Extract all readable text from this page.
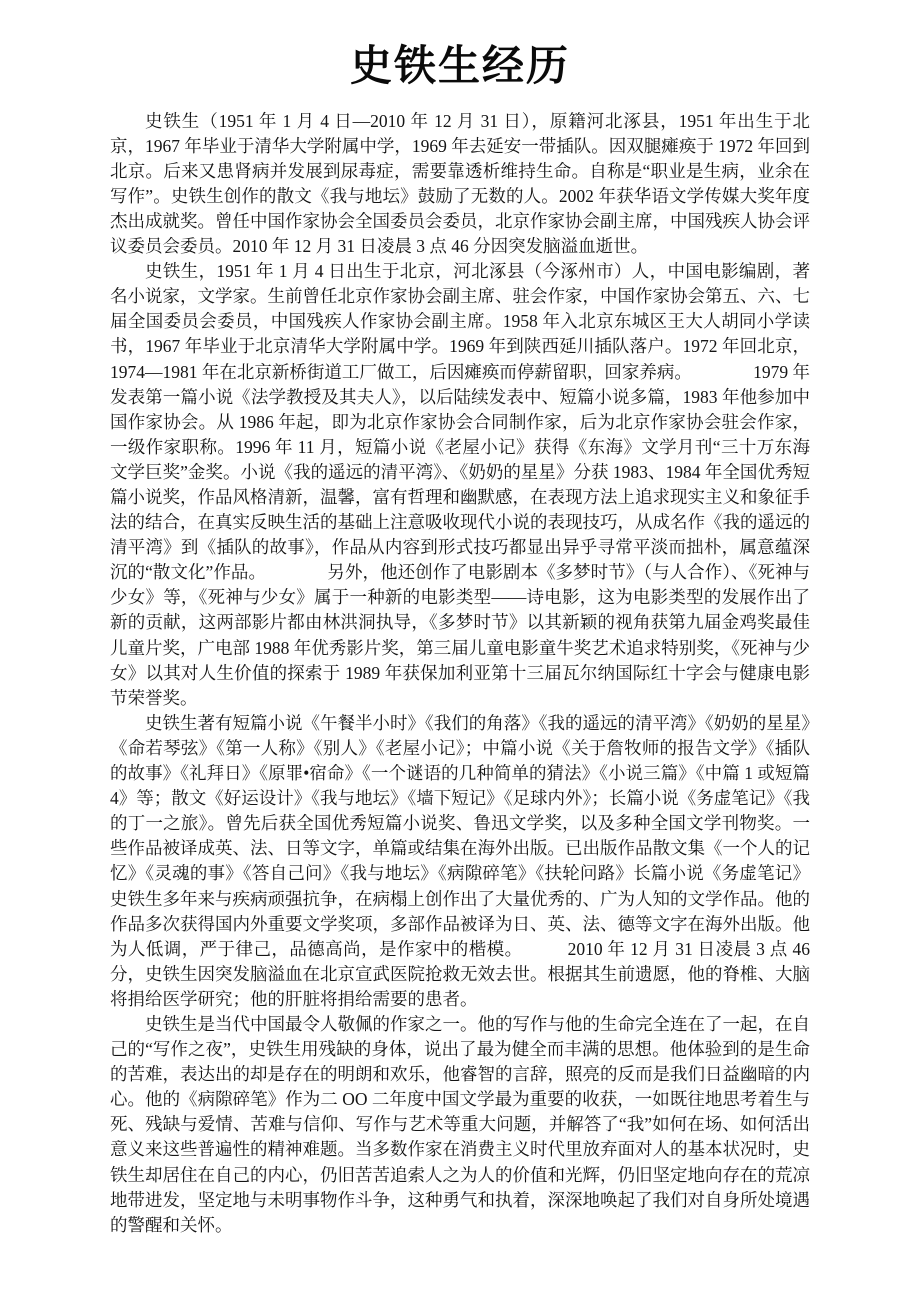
史铁生经历

史铁生（1951 年 1 月 4 日—2010 年 12 月 31 日），原籍河北涿县，1951 年出生于北京，1967 年毕业于清华大学附属中学，1969 年去延安一带插队。因双腿瘫痪于 1972 年回到北京。后来又患肾病并发展到尿毒症，需要靠透析维持生命。自称是“职业是生病，业余在写作”。史铁生创作的散文《我与地坛》鼓励了无数的人。2002 年获华语文学传媒大奖年度杰出成就奖。曾任中国作家协会全国委员会委员，北京作家协会副主席，中国残疾人协会评议委员会委员。2010 年 12 月 31 日凌晨 3 点 46 分因突发脑溢血逝世。

史铁生，1951 年 1 月 4 日出生于北京，河北涿县（今涿州市）人，中国电影编剧，著名小说家，文学家。生前曾任北京作家协会副主席、驻会作家，中国作家协会第五、六、七届全国委员会委员，中国残疾人作家协会副主席。1958 年入北京东城区王大人胡同小学读书，1967 年毕业于北京清华大学附属中学。1969 年到陕西延川插队落户。1972 年回北京，1974—1981 年在北京新桥街道工厂做工，后因瘫痪而停薪留职，回家养病。　　　　1979 年发表第一篇小说《法学教授及其夫人》，以后陆续发表中、短篇小说多篇，1983 年他参加中国作家协会。从 1986 年起，即为北京作家协会合同制作家，后为北京作家协会驻会作家，一级作家职称。1996 年 11 月，短篇小说《老屋小记》获得《东海》文学月刊“三十万东海文学巨奖”金奖。小说《我的遥远的清平湾》、《奶奶的星星》分获 1983、1984 年全国优秀短篇小说奖，作品风格清新，温馨，富有哲理和幽默感，在表现方法上追求现实主义和象征手法的结合，在真实反映生活的基础上注意吸收现代小说的表现技巧，从成名作《我的遥远的清平湾》到《插队的故事》，作品从内容到形式技巧都显出异乎寻常平淡而拙朴，属意蕴深沉的“散文化”作品。　　　　另外，他还创作了电影剧本《多梦时节》（与人合作）、《死神与少女》等，《死神与少女》属于一种新的电影类型——诗电影，这为电影类型的发展作出了新的贡献，这两部影片都由林洪洞执导，《多梦时节》以其新颖的视角获第九届金鸡奖最佳儿童片奖，广电部 1988 年优秀影片奖，第三届儿童电影童牛奖艺术追求特别奖，《死神与少女》以其对人生价值的探索于 1989 年获保加利亚第十三届瓦尔纳国际红十字会与健康电影节荣誉奖。

史铁生著有短篇小说《午餐半小时》《我们的角落》《我的遥远的清平湾》《奶奶的星星》《命若琴弦》《第一人称》《别人》《老屋小记》；中篇小说《关于詹牧师的报告文学》《插队的故事》《礼拜日》《原罪•宿命》《一个谜语的几种简单的猜法》《小说三篇》《中篇 1 或短篇 4》等；散文《好运设计》《我与地坛》《墙下短记》《足球内外》；长篇小说《务虚笔记》《我的丁一之旅》。曾先后获全国优秀短篇小说奖、鲁迅文学奖，以及多种全国文学刊物奖。一些作品被译成英、法、日等文字，单篇或结集在海外出版。已出版作品散文集《一个人的记忆》《灵魂的事》《答自己问》《我与地坛》《病隙碎笔》《扶轮问路》长篇小说《务虚笔记》史铁生多年来与疾病顽强抗争，在病榻上创作出了大量优秀的、广为人知的文学作品。他的作品多次获得国内外重要文学奖项，多部作品被译为日、英、法、德等文字在海外出版。他为人低调，严于律己，品德高尚，是作家中的楷模。　　　2010 年 12 月 31 日凌晨 3 点 46 分，史铁生因突发脑溢血在北京宣武医院抢救无效去世。根据其生前遗愿，他的脊椎、大脑将捐给医学研究；他的肝脏将捐给需要的患者。

史铁生是当代中国最令人敬佩的作家之一。他的写作与他的生命完全连在了一起，在自己的“写作之夜”，史铁生用残缺的身体，说出了最为健全而丰满的思想。他体验到的是生命的苦难，表达出的却是存在的明朗和欢乐，他睿智的言辞，照亮的反而是我们日益幽暗的内心。他的《病隙碎笔》作为二 OO 二年度中国文学最为重要的收获，一如既往地思考着生与死、残缺与爱情、苦难与信仰、写作与艺术等重大问题，并解答了“我”如何在场、如何活出意义来这些普遍性的精神难题。当多数作家在消费主义时代里放弃面对人的基本状况时，史铁生却居住在自己的内心，仍旧苦苦追索人之为人的价值和光辉，仍旧坚定地向存在的荒凉地带进发，坚定地与未明事物作斗争，这种勇气和执着，深深地唤起了我们对自身所处境遇的警醒和关怀。
